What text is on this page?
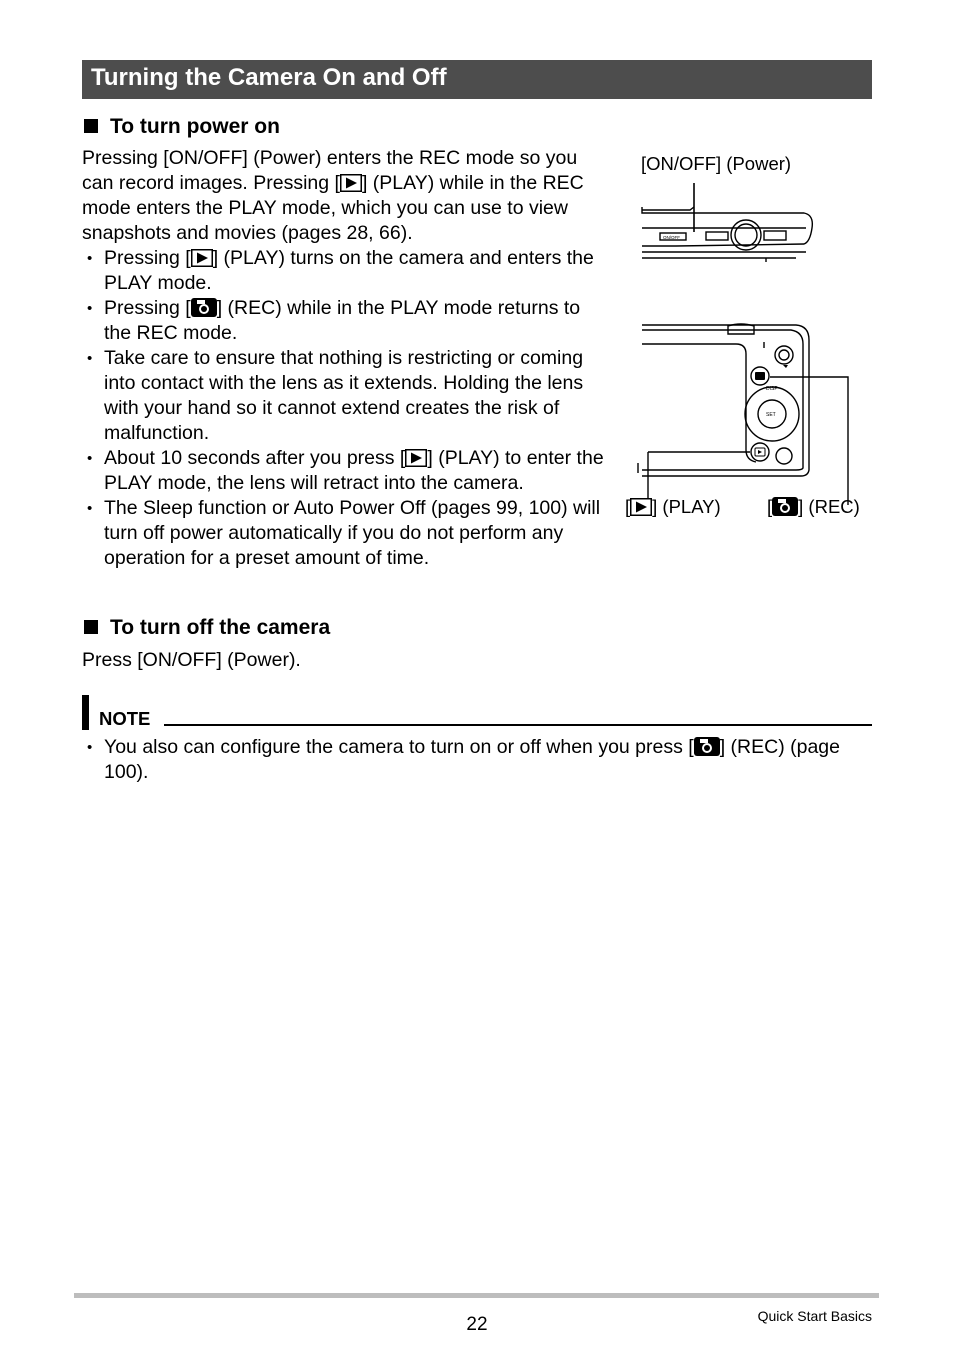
Turning the Camera On and Off
To turn power on
Pressing [ON/OFF] (Power) enters the REC mode so you can record images. Pressing [ ] (PLAY) while in the REC mode enters the PLAY mode, which you can use to view snapshots and movies (pages 28, 66).
• Pressing [ ] (PLAY) turns on the camera and enters the PLAY mode.
• Pressing [ ] (REC) while in the PLAY mode returns to the REC mode.
• Take care to ensure that nothing is restricting or coming into contact with the lens as it extends. Holding the lens with your hand so it cannot extend creates the risk of malfunction.
• About 10 seconds after you press [ ] (PLAY) to enter the PLAY mode, the lens will retract into the camera.
• The Sleep function or Auto Power Off (pages 99, 100) will turn off power automatically if you do not perform any operation for a preset amount of time.
[ON/OFF] (Power)
ON/OFF
DISP
SET
[ ] (PLAY)	[ ] (REC)
To turn off the camera
Press [ON/OFF] (Power).
NOTE
• You also can configure the camera to turn on or off when you press [ ] (REC) (page 100).
22	Quick Start Basics
